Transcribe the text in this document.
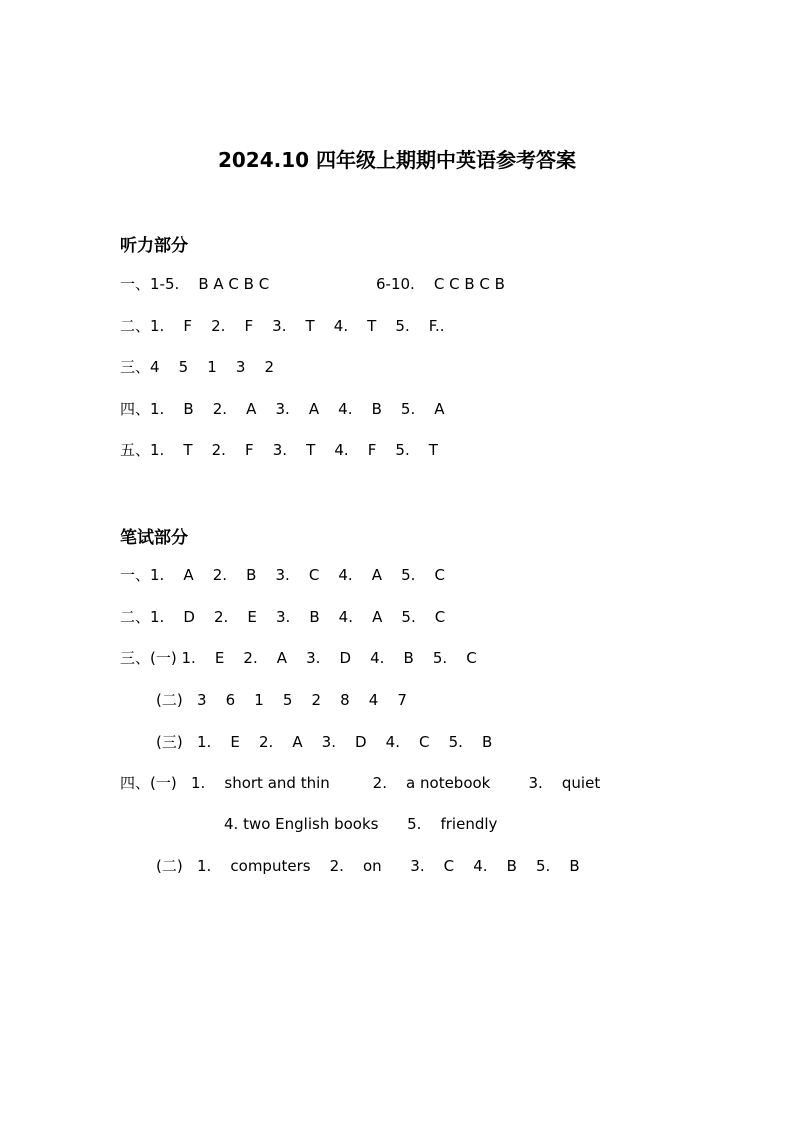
2024.10 四年级上期期中英语参考答案
听力部分
一、1-5.    B A C B C	6-10.    C C B C B
二、1.    F    2.    F    3.    T    4.    T    5.    F..
三、4    5    1    3    2
四、1.    B    2.    A    3.    A    4.    B    5.    A
五、1.    T    2.    F    3.    T    4.    F    5.    T
笔试部分
一、1.    A    2.    B    3.    C    4.    A    5.    C
二、1.    D    2.    E    3.    B    4.    A    5.    C
三、(一) 1.    E    2.    A    3.    D    4.    B    5.    C
(二)   3    6    1    5    2    8    4    7
(三)   1.    E    2.    A    3.    D    4.    C    5.    B
四、(一)   1.    short and thin         2.    a notebook        3.    quiet
4. two English books      5.    friendly
(二)   1.    computers    2.    on      3.    C    4.    B    5.    B
